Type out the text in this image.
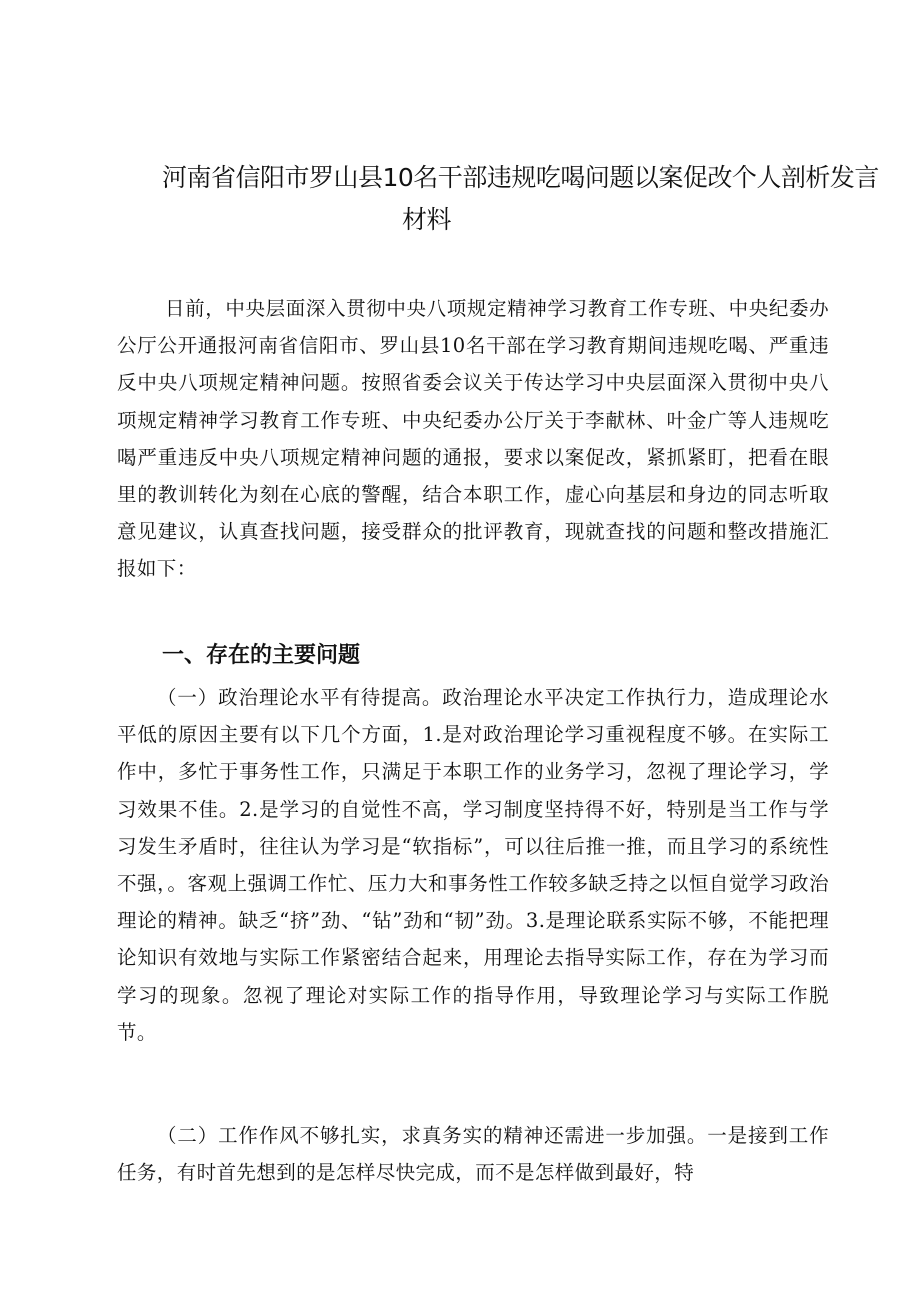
河南省信阳市罗山县10名干部违规吃喝问题以案促改个人剖析发言
材料

日前，中央层面深入贯彻中央八项规定精神学习教育工作专班、中央纪委办公厅公开通报河南省信阳市、罗山县10名干部在学习教育期间违规吃喝、严重违反中央八项规定精神问题。按照省委会议关于传达学习中央层面深入贯彻中央八项规定精神学习教育工作专班、中央纪委办公厅关于李献林、叶金广等人违规吃喝严重违反中央八项规定精神问题的通报，要求以案促改，紧抓紧盯，把看在眼里的教训转化为刻在心底的警醒，结合本职工作，虚心向基层和身边的同志听取意见建议，认真查找问题，接受群众的批评教育，现就查找的问题和整改措施汇报如下：

一、存在的主要问题

（一）政治理论水平有待提高。政治理论水平决定工作执行力，造成理论水平低的原因主要有以下几个方面，1.是对政治理论学习重视程度不够。在实际工作中，多忙于事务性工作，只满足于本职工作的业务学习，忽视了理论学习，学习效果不佳。2.是学习的自觉性不高，学习制度坚持得不好，特别是当工作与学习发生矛盾时，往往认为学习是“软指标”，可以往后推一推，而且学习的系统性不强，。客观上强调工作忙、压力大和事务性工作较多缺乏持之以恒自觉学习政治理论的精神。缺乏“挤”劲、“钻”劲和“韧”劲。3.是理论联系实际不够，不能把理论知识有效地与实际工作紧密结合起来，用理论去指导实际工作，存在为学习而学习的现象。忽视了理论对实际工作的指导作用，导致理论学习与实际工作脱节。

（二）工作作风不够扎实，求真务实的精神还需进一步加强。一是接到工作任务，有时首先想到的是怎样尽快完成，而不是怎样做到最好，特
